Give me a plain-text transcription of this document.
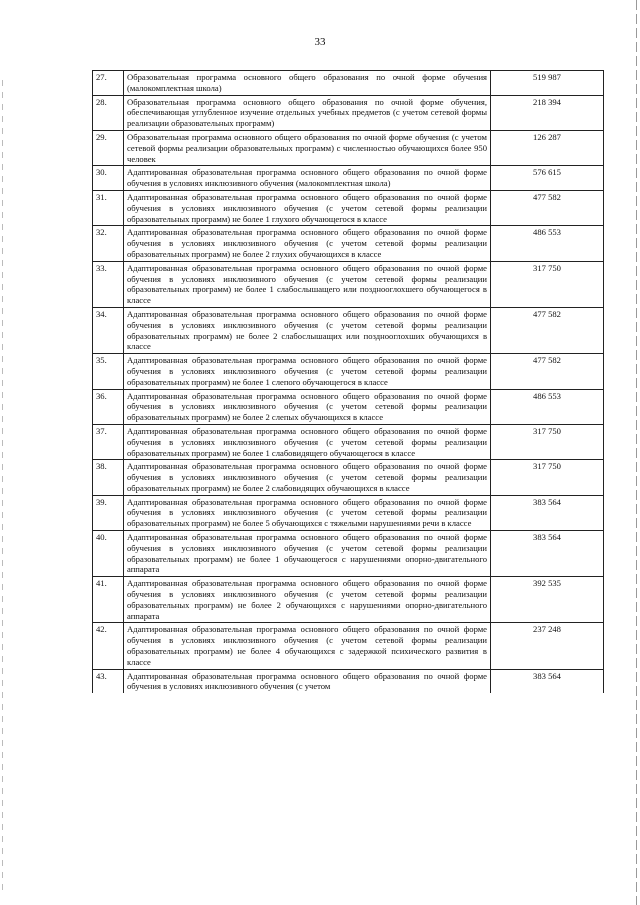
33
27.	Образовательная программа основного общего образования по очной форме обучения (малокомплектная школа)	519 987
28.	Образовательная программа основного общего образования по очной форме обучения, обеспечивающая углубленное изучение отдельных учебных предметов (с учетом сетевой формы реализации образовательных программ)	218 394
29.	Образовательная программа основного общего образования по очной форме обучения (с учетом сетевой формы реализации образовательных программ) с численностью обучающихся более 950 человек	126 287
30.	Адаптированная образовательная программа основного общего образования по очной форме обучения в условиях инклюзивного обучения (малокомплектная школа)	576 615
31.	Адаптированная образовательная программа основного общего образования по очной форме обучения в условиях инклюзивного обучения (с учетом сетевой формы реализации образовательных программ) не более 1 глухого обучающегося в классе	477 582
32.	Адаптированная образовательная программа основного общего образования по очной форме обучения в условиях инклюзивного обучения (с учетом сетевой формы реализации образовательных программ) не более 2 глухих обучающихся в классе	486 553
33.	Адаптированная образовательная программа основного общего образования по очной форме обучения в условиях инклюзивного обучения (с учетом сетевой формы реализации образовательных программ) не более 1 слабослышащего или позднооглохшего обучающегося в классе	317 750
34.	Адаптированная образовательная программа основного общего образования по очной форме обучения в условиях инклюзивного обучения (с учетом сетевой формы реализации образовательных программ) не более 2 слабослышащих или позднооглохших обучающихся в классе	477 582
35.	Адаптированная образовательная программа основного общего образования по очной форме обучения в условиях инклюзивного обучения (с учетом сетевой формы реализации образовательных программ) не более 1 слепого обучающегося в классе	477 582
36.	Адаптированная образовательная программа основного общего образования по очной форме обучения в условиях инклюзивного обучения (с учетом сетевой формы реализации образовательных программ) не более 2 слепых обучающихся в классе	486 553
37.	Адаптированная образовательная программа основного общего образования по очной форме обучения в условиях инклюзивного обучения (с учетом сетевой формы реализации образовательных программ) не более 1 слабовидящего обучающегося в классе	317 750
38.	Адаптированная образовательная программа основного общего образования по очной форме обучения в условиях инклюзивного обучения (с учетом сетевой формы реализации образовательных программ) не более 2 слабовидящих обучающихся в классе	317 750
39.	Адаптированная образовательная программа основного общего образования по очной форме обучения в условиях инклюзивного обучения (с учетом сетевой формы реализации образовательных программ) не более 5 обучающихся с тяжелыми нарушениями речи в классе	383 564
40.	Адаптированная образовательная программа основного общего образования по очной форме обучения в условиях инклюзивного обучения (с учетом сетевой формы реализации образовательных программ) не более 1 обучающегося с нарушениями опорно-двигательного аппарата	383 564
41.	Адаптированная образовательная программа основного общего образования по очной форме обучения в условиях инклюзивного обучения (с учетом сетевой формы реализации образовательных программ) не более 2 обучающихся с нарушениями опорно-двигательного аппарата	392 535
42.	Адаптированная образовательная программа основного общего образования по очной форме обучения в условиях инклюзивного обучения (с учетом сетевой формы реализации образовательных программ) не более 4 обучающихся с задержкой психического развития в классе	237 248
43.	Адаптированная образовательная программа основного общего образования по очной форме обучения в условиях инклюзивного обучения (с учетом	383 564
